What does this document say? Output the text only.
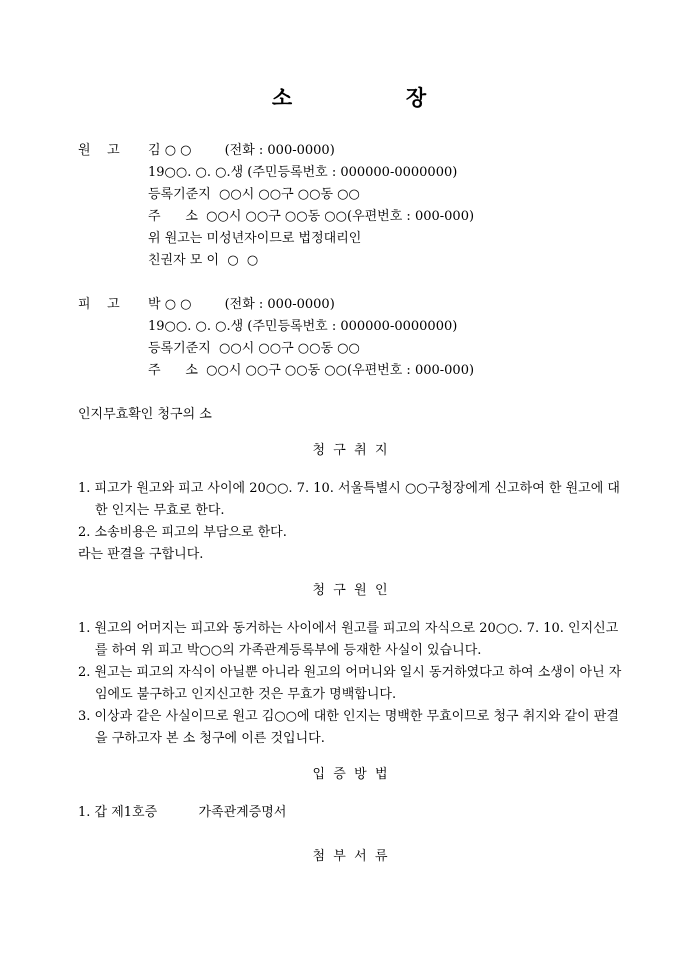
소            장
원    고	김 ○ ○        (전화 : 000-0000)
19○○. ○. ○.생 (주민등록번호 : 000000-0000000)
등록기준지  ○○시 ○○구 ○○동 ○○
주      소  ○○시 ○○구 ○○동 ○○(우편번호 : 000-000)
위 원고는 미성년자이므로 법정대리인
친권자 모 이  ○  ○
피    고	박 ○ ○        (전화 : 000-0000)
19○○. ○. ○.생 (주민등록번호 : 000000-0000000)
등록기준지  ○○시 ○○구 ○○동 ○○
주      소  ○○시 ○○구 ○○동 ○○(우편번호 : 000-000)
인지무효확인 청구의 소
청  구  취  지
1. 피고가 원고와 피고 사이에 20○○. 7. 10. 서울특별시 ○○구청장에게 신고하여 한 원고에 대한 인지는 무효로 한다.
2. 소송비용은 피고의 부담으로 한다.
라는 판결을 구합니다.
청  구  원  인
1. 원고의 어머지는 피고와 동거하는 사이에서 원고를 피고의 자식으로 20○○. 7. 10. 인지신고를 하여 위 피고 박○○의 가족관계등록부에 등재한 사실이 있습니다.
2. 원고는 피고의 자식이 아닐뿐 아니라 원고의 어머니와 일시 동거하였다고 하여 소생이 아닌 자임에도 불구하고 인지신고한 것은 무효가 명백합니다.
3. 이상과 같은 사실이므로 원고 김○○에 대한 인지는 명백한 무효이므로 청구 취지와 같이 판결을 구하고자 본 소 청구에 이른 것입니다.
입  증  방  법
1. 갑 제1호증          가족관계증명서
첨  부  서  류
